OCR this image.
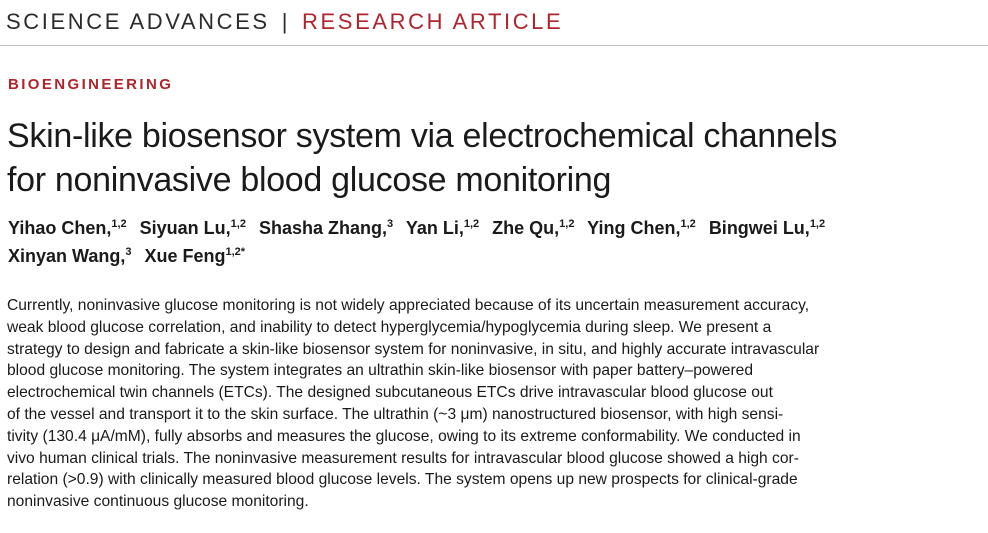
SCIENCE ADVANCES | RESEARCH ARTICLE
BIOENGINEERING
Skin-like biosensor system via electrochemical channels
for noninvasive blood glucose monitoring
Yihao Chen,$^{1,2}$ Siyuan Lu,$^{1,2}$ Shasha Zhang,$^3$ Yan Li,$^{1,2}$ Zhe Qu,$^{1,2}$ Ying Chen,$^{1,2}$ Bingwei Lu,$^{1,2}$
Xinyan Wang,$^3$ Xue Feng$^{1,2*}$
Currently, noninvasive glucose monitoring is not widely appreciated because of its uncertain measurement accuracy,
weak blood glucose correlation, and inability to detect hyperglycemia/hypoglycemia during sleep. We present a
strategy to design and fabricate a skin-like biosensor system for noninvasive, in situ, and highly accurate intravascular
blood glucose monitoring. The system integrates an ultrathin skin-like biosensor with paper battery–powered
electrochemical twin channels (ETCs). The designed subcutaneous ETCs drive intravascular blood glucose out
of the vessel and transport it to the skin surface. The ultrathin (~3 μm) nanostructured biosensor, with high sensi-
tivity (130.4 μA/mM), fully absorbs and measures the glucose, owing to its extreme conformability. We conducted in
vivo human clinical trials. The noninvasive measurement results for intravascular blood glucose showed a high cor-
relation (>0.9) with clinically measured blood glucose levels. The system opens up new prospects for clinical-grade
noninvasive continuous glucose monitoring.
